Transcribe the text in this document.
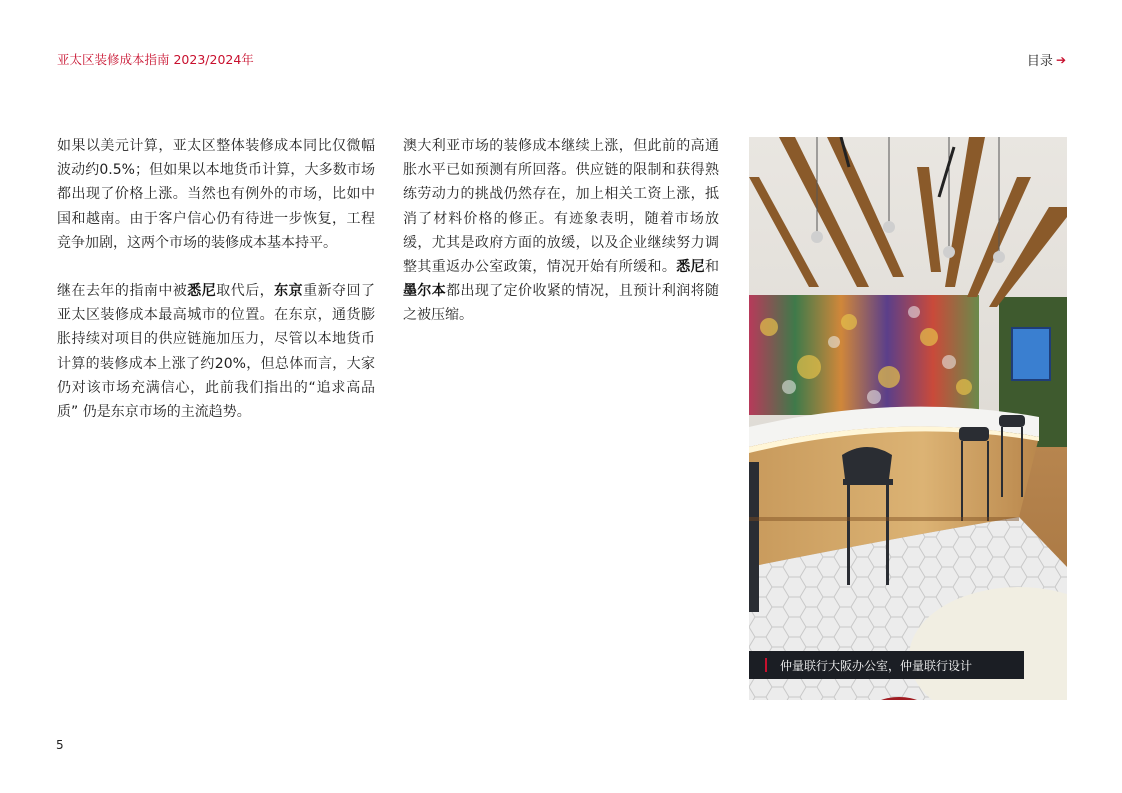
亚太区装修成本指南 2023/2024年	目录 ➔

如果以美元计算，亚太区整体装修成本同比仅微幅波动约0.5%；但如果以本地货币计算，大多数市场都出现了价格上涨。当然也有例外的市场，比如中国和越南。由于客户信心仍有待进一步恢复，工程竞争加剧，这两个市场的装修成本基本持平。

继在去年的指南中被悉尼取代后，东京重新夺回了亚太区装修成本最高城市的位置。在东京，通货膨胀持续对项目的供应链施加压力，尽管以本地货币计算的装修成本上涨了约20%，但总体而言，大家仍对该市场充满信心，此前我们指出的“追求高品质” 仍是东京市场的主流趋势。

澳大利亚市场的装修成本继续上涨，但此前的高通胀水平已如预测有所回落。供应链的限制和获得熟练劳动力的挑战仍然存在，加上相关工资上涨，抵消了材料价格的修正。有迹象表明，随着市场放缓，尤其是政府方面的放缓，以及企业继续努力调整其重返办公室政策，情况开始有所缓和。悉尼和墨尔本都出现了定价收紧的情况，且预计利润将随之被压缩。

仲量联行大阪办公室，仲量联行设计
5
